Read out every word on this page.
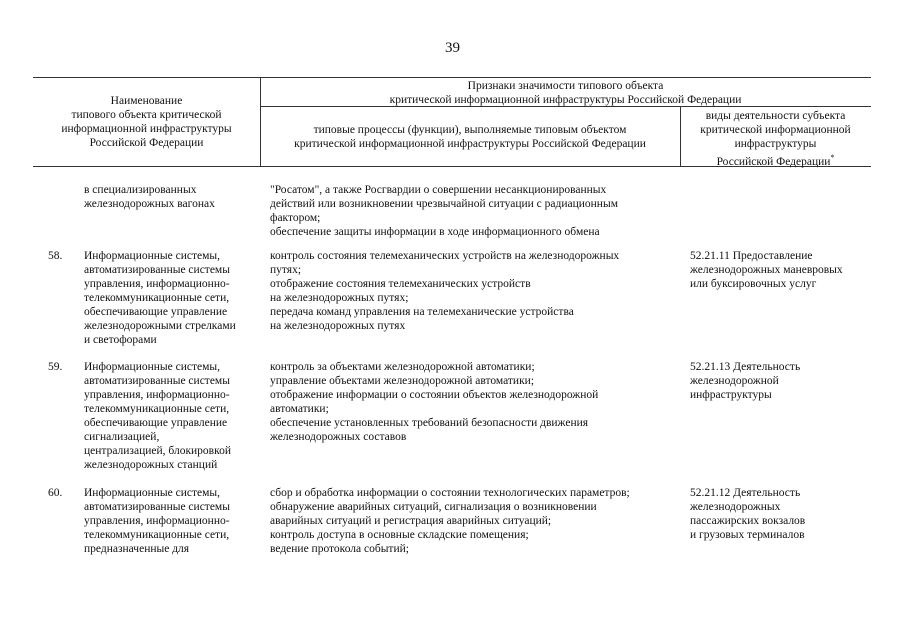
39

Наименование
типового объекта критической
информационной инфраструктуры
Российской Федерации

Признаки значимости типового объекта
критической информационной инфраструктуры Российской Федерации

типовые процессы (функции), выполняемые типовым объектом
критической информационной инфраструктуры Российской Федерации

виды деятельности субъекта
критической информационной
инфраструктуры
Российской Федерации*

в специализированных
железнодорожных вагонах

"Росатом", а также Росгвардии о совершении несанкционированных
действий или возникновении чрезвычайной ситуации с радиационным
фактором;
обеспечение защиты информации в ходе информационного обмена

58. Информационные системы,
автоматизированные системы
управления, информационно-
телекоммуникационные сети,
обеспечивающие управление
железнодорожными стрелками
и светофорами

контроль состояния телемеханических устройств на железнодорожных
путях;
отображение состояния телемеханических устройств
на железнодорожных путях;
передача команд управления на телемеханические устройства
на железнодорожных путях

52.21.11 Предоставление
железнодорожных маневровых
или буксировочных услуг

59. Информационные системы,
автоматизированные системы
управления, информационно-
телекоммуникационные сети,
обеспечивающие управление
сигнализацией,
централизацией, блокировкой
железнодорожных станций

контроль за объектами железнодорожной автоматики;
управление объектами железнодорожной автоматики;
отображение информации о состоянии объектов железнодорожной
автоматики;
обеспечение установленных требований безопасности движения
железнодорожных составов

52.21.13 Деятельность
железнодорожной
инфраструктуры

60. Информационные системы,
автоматизированные системы
управления, информационно-
телекоммуникационные сети,
предназначенные для

сбор и обработка информации о состоянии технологических параметров;
обнаружение аварийных ситуаций, сигнализация о возникновении
аварийных ситуаций и регистрация аварийных ситуаций;
контроль доступа в основные складские помещения;
ведение протокола событий;

52.21.12 Деятельность
железнодорожных
пассажирских вокзалов
и грузовых терминалов
